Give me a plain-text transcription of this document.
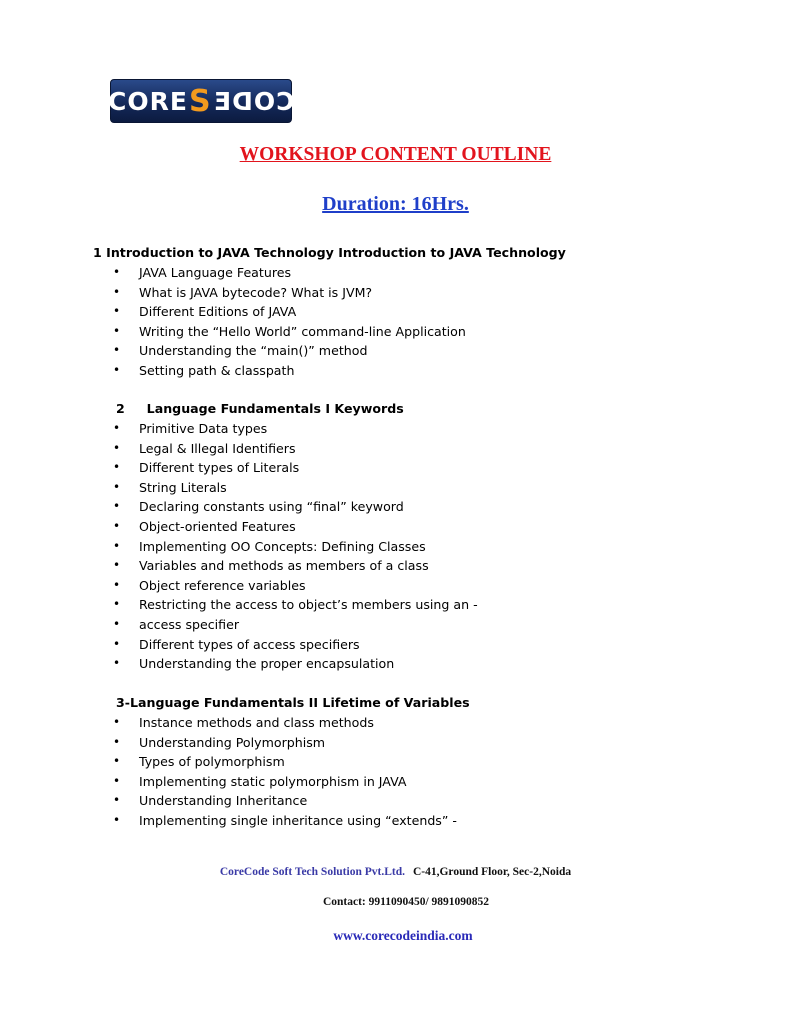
CORE S CODE
WORKSHOP CONTENT OUTLINE
Duration: 16Hrs.
1 Introduction to JAVA Technology Introduction to JAVA Technology
• JAVA Language Features
• What is JAVA bytecode? What is JVM?
• Different Editions of JAVA
• Writing the “Hello World” command-line Application
• Understanding the “main()” method
• Setting path & classpath
2     Language Fundamentals I Keywords
• Primitive Data types
• Legal & Illegal Identifiers
• Different types of Literals
• String Literals
• Declaring constants using “final” keyword
• Object-oriented Features
• Implementing OO Concepts: Defining Classes
• Variables and methods as members of a class
• Object reference variables
• Restricting the access to object’s members using an -
• access specifier
• Different types of access specifiers
• Understanding the proper encapsulation
3-Language Fundamentals II Lifetime of Variables
• Instance methods and class methods
• Understanding Polymorphism
• Types of polymorphism
• Implementing static polymorphism in JAVA
• Understanding Inheritance
• Implementing single inheritance using “extends” -
CoreCode Soft Tech Solution Pvt.Ltd. C-41,Ground Floor, Sec-2,Noida
Contact: 9911090450/ 9891090852
www.corecodeindia.com
